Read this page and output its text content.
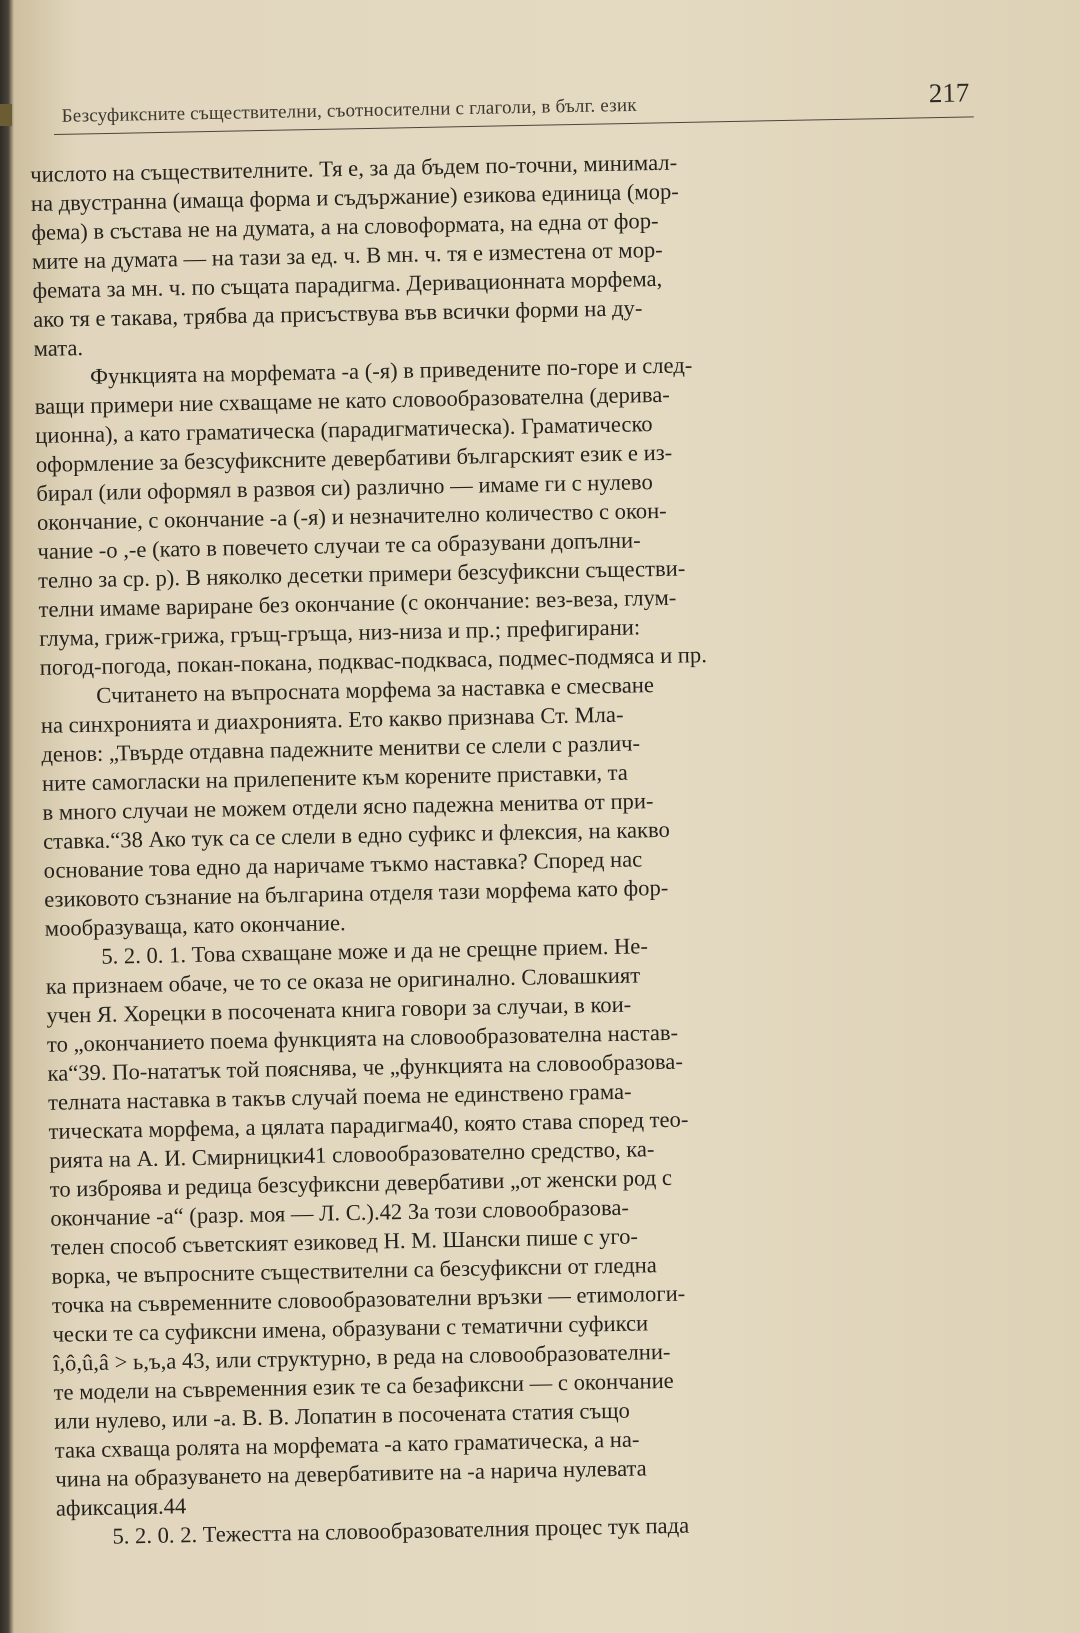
Безсуфиксните съществителни, съотносителни с глаголи, в бълг. език
217
числото на съществителните. Тя е, за да бъдем по-точни, минимал-
на двустранна (имаща форма и съдържание) езикова единица (мор-
фема) в състава не на думата, а на словоформата, на една от фор-
мите на думата — на тази за ед. ч. В мн. ч. тя е изместена от мор-
фемата за мн. ч. по същата парадигма. Деривационната морфема,
ако тя е такава, трябва да присъствува във всички форми на ду-
мата.
Функцията на морфемата -а (-я) в приведените по-горе и след-
ващи примери ние схващаме не като словообразователна (дерива-
ционна), а като граматическа (парадигматическа). Граматическо
оформление за безсуфиксните девербативи българският език е из-
бирал (или оформял в развоя си) различно — имаме ги с нулево
окончание, с окончание -а (-я) и незначително количество с окон-
чание -о ,-е (като в повечето случаи те са образувани допълни-
телно за ср. р). В няколко десетки примери безсуфиксни съществи-
телни имаме вариране без окончание (с окончание: вез-веза, глум-
глума, гриж-грижа, гръщ-гръща, низ-низа и пр.; префигирани:
погод-погода, покан-покана, подквас-подкваса, подмес-подмяса и пр.
Считането на въпросната морфема за наставка е смесване
на синхронията и диахронията. Ето какво признава Ст. Мла-
денов: „Твърде отдавна падежните менитви се слели с различ-
ните самогласки на прилепените към корените приставки, та
в много случаи не можем отдели ясно падежна менитва от при-
ставка.“38 Ако тук са се слели в едно суфикс и флексия, на какво
основание това едно да наричаме тъкмо наставка? Според нас
езиковото съзнание на българина отделя тази морфема като фор-
мообразуваща, като окончание.
5. 2. 0. 1. Това схващане може и да не срещне прием. Не-
ка признаем обаче, че то се оказа не оригинално. Словашкият
учен Я. Хорецки в посочената книга говори за случаи, в кои-
то „окончанието поема функцията на словообразователна настав-
ка“39. По-нататък той пояснява, че „функцията на словообразова-
телната наставка в такъв случай поема не единствено грама-
тическата морфема, а цялата парадигма40, която става според тео-
рията на А. И. Смирницки41 словообразователно средство, ка-
то изброява и редица безсуфиксни девербативи „от женски род с
окончание -а“ (разр. моя — Л. С.).42 За този словообразова-
телен способ съветският езиковед Н. М. Шански пише с уго-
ворка, че въпросните съществителни са безсуфиксни от гледна
точка на съвременните словообразователни връзки — етимологи-
чески те са суфиксни имена, образувани с тематични суфикси
î,ô,û,â > ь,ъ,а 43, или структурно, в реда на словообразователни-
те модели на съвременния език те са безафиксни — с окончание
или нулево, или -а. В. В. Лопатин в посочената статия също
така схваща ролята на морфемата -а като граматическа, а на-
чина на образуването на девербативите на -а нарича нулевата
афиксация.44
5. 2. 0. 2. Тежестта на словообразователния процес тук пада
